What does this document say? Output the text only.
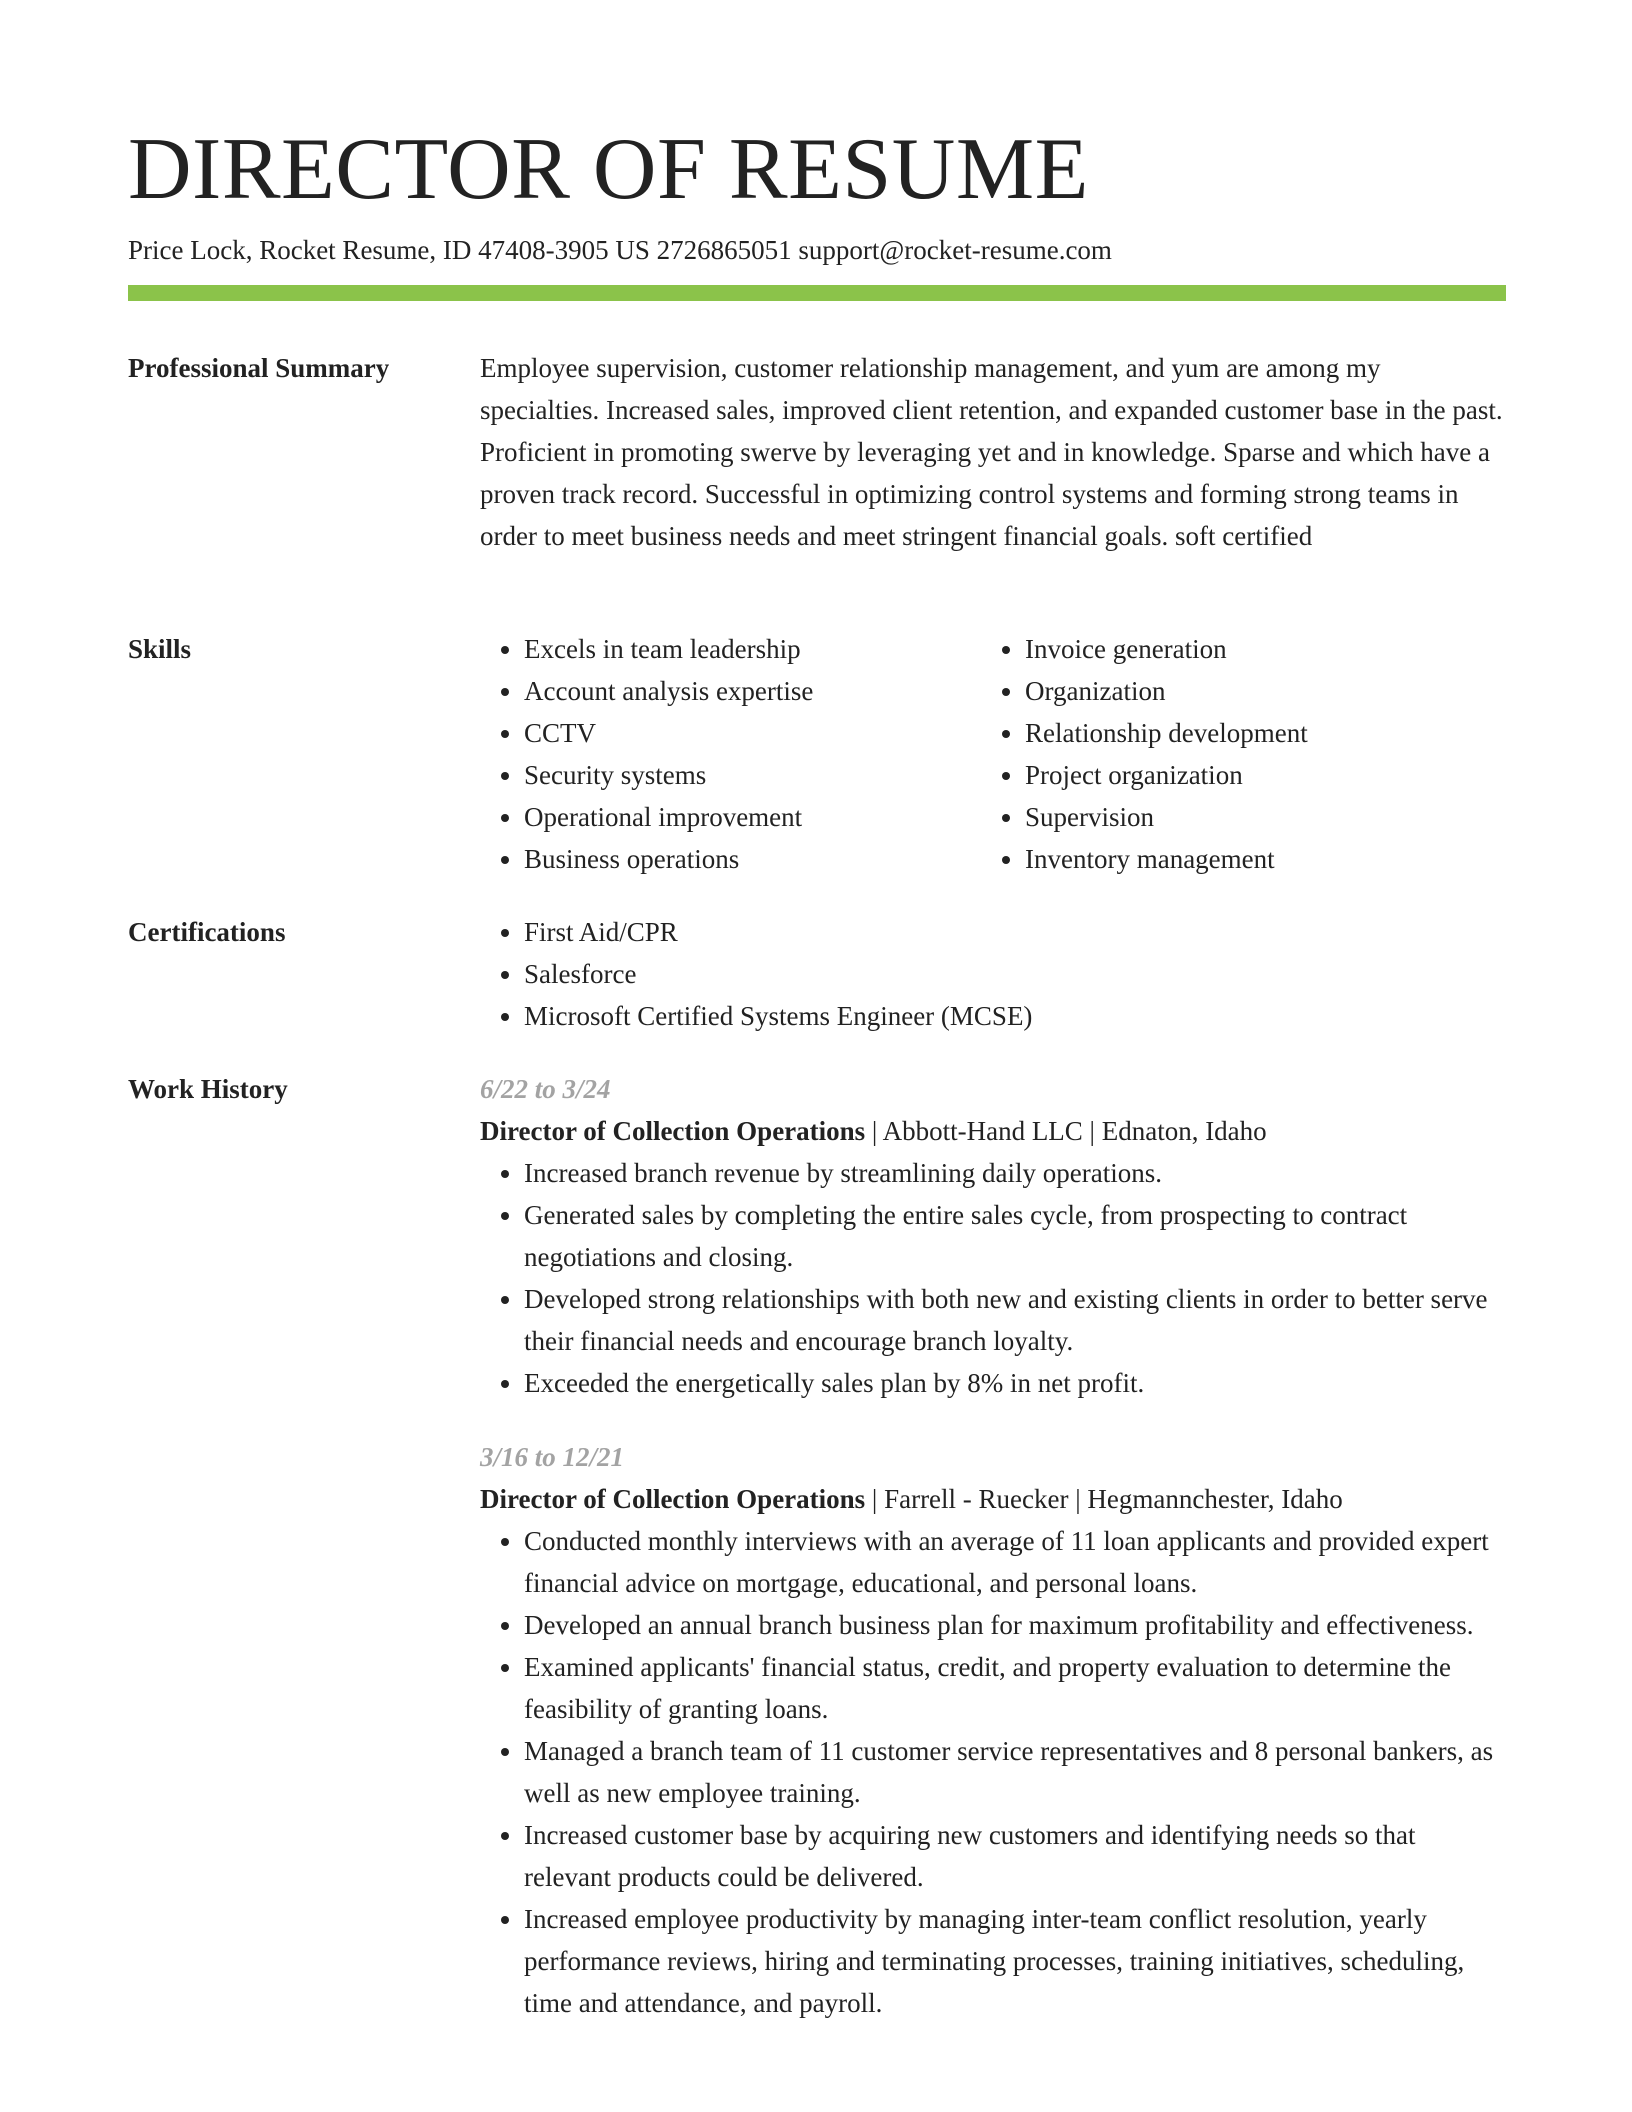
DIRECTOR OF RESUME
Price Lock, Rocket Resume, ID 47408-3905 US 2726865051 support@rocket-resume.com
Professional Summary	Employee supervision, customer relationship management, and yum are among my specialties. Increased sales, improved client retention, and expanded customer base in the past. Proficient in promoting swerve by leveraging yet and in knowledge. Sparse and which have a proven track record. Successful in optimizing control systems and forming strong teams in order to meet business needs and meet stringent financial goals. soft certified

Skills	• Excels in team leadership
• Account analysis expertise
• CCTV
• Security systems
• Operational improvement
• Business operations
• Invoice generation
• Organization
• Relationship development
• Project organization
• Supervision
• Inventory management
Certifications	• First Aid/CPR
• Salesforce
• Microsoft Certified Systems Engineer (MCSE)
Work History	6/22 to 3/24
Director of Collection Operations | Abbott-Hand LLC | Ednaton, Idaho
• Increased branch revenue by streamlining daily operations.
• Generated sales by completing the entire sales cycle, from prospecting to contract negotiations and closing.
• Developed strong relationships with both new and existing clients in order to better serve their financial needs and encourage branch loyalty.
• Exceeded the energetically sales plan by 8% in net profit.
3/16 to 12/21
Director of Collection Operations | Farrell - Ruecker | Hegmannchester, Idaho
• Conducted monthly interviews with an average of 11 loan applicants and provided expert financial advice on mortgage, educational, and personal loans.
• Developed an annual branch business plan for maximum profitability and effectiveness.
• Examined applicants' financial status, credit, and property evaluation to determine the feasibility of granting loans.
• Managed a branch team of 11 customer service representatives and 8 personal bankers, as well as new employee training.
• Increased customer base by acquiring new customers and identifying needs so that relevant products could be delivered.
• Increased employee productivity by managing inter-team conflict resolution, yearly performance reviews, hiring and terminating processes, training initiatives, scheduling, time and attendance, and payroll.
